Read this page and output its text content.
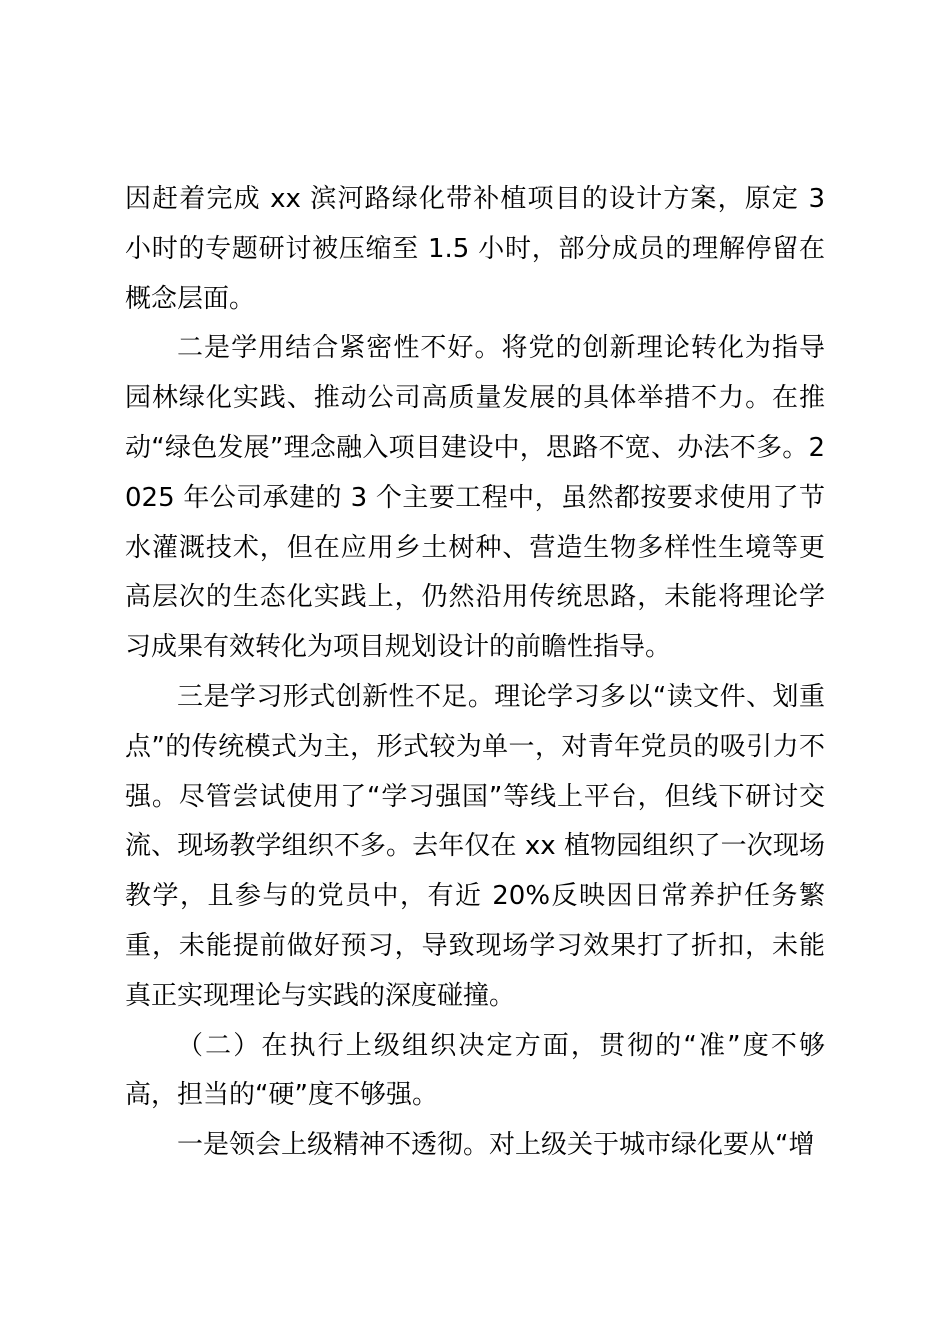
因赶着完成 xx 滨河路绿化带补植项目的设计方案，原定 3 小时的专题研讨被压缩至 1.5 小时，部分成员的理解停留在概念层面。

二是学用结合紧密性不好。将党的创新理论转化为指导园林绿化实践、推动公司高质量发展的具体举措不力。在推动“绿色发展”理念融入项目建设中，思路不宽、办法不多。2025 年公司承建的 3 个主要工程中，虽然都按要求使用了节水灌溉技术，但在应用乡土树种、营造生物多样性生境等更高层次的生态化实践上，仍然沿用传统思路，未能将理论学习成果有效转化为项目规划设计的前瞻性指导。

三是学习形式创新性不足。理论学习多以“读文件、划重点”的传统模式为主，形式较为单一，对青年党员的吸引力不强。尽管尝试使用了“学习强国”等线上平台，但线下研讨交流、现场教学组织不多。去年仅在 xx 植物园组织了一次现场教学，且参与的党员中，有近 20%反映因日常养护任务繁重，未能提前做好预习，导致现场学习效果打了折扣，未能真正实现理论与实践的深度碰撞。

（二）在执行上级组织决定方面，贯彻的“准”度不够高，担当的“硬”度不够强。

一是领会上级精神不透彻。对上级关于城市绿化要从“增
